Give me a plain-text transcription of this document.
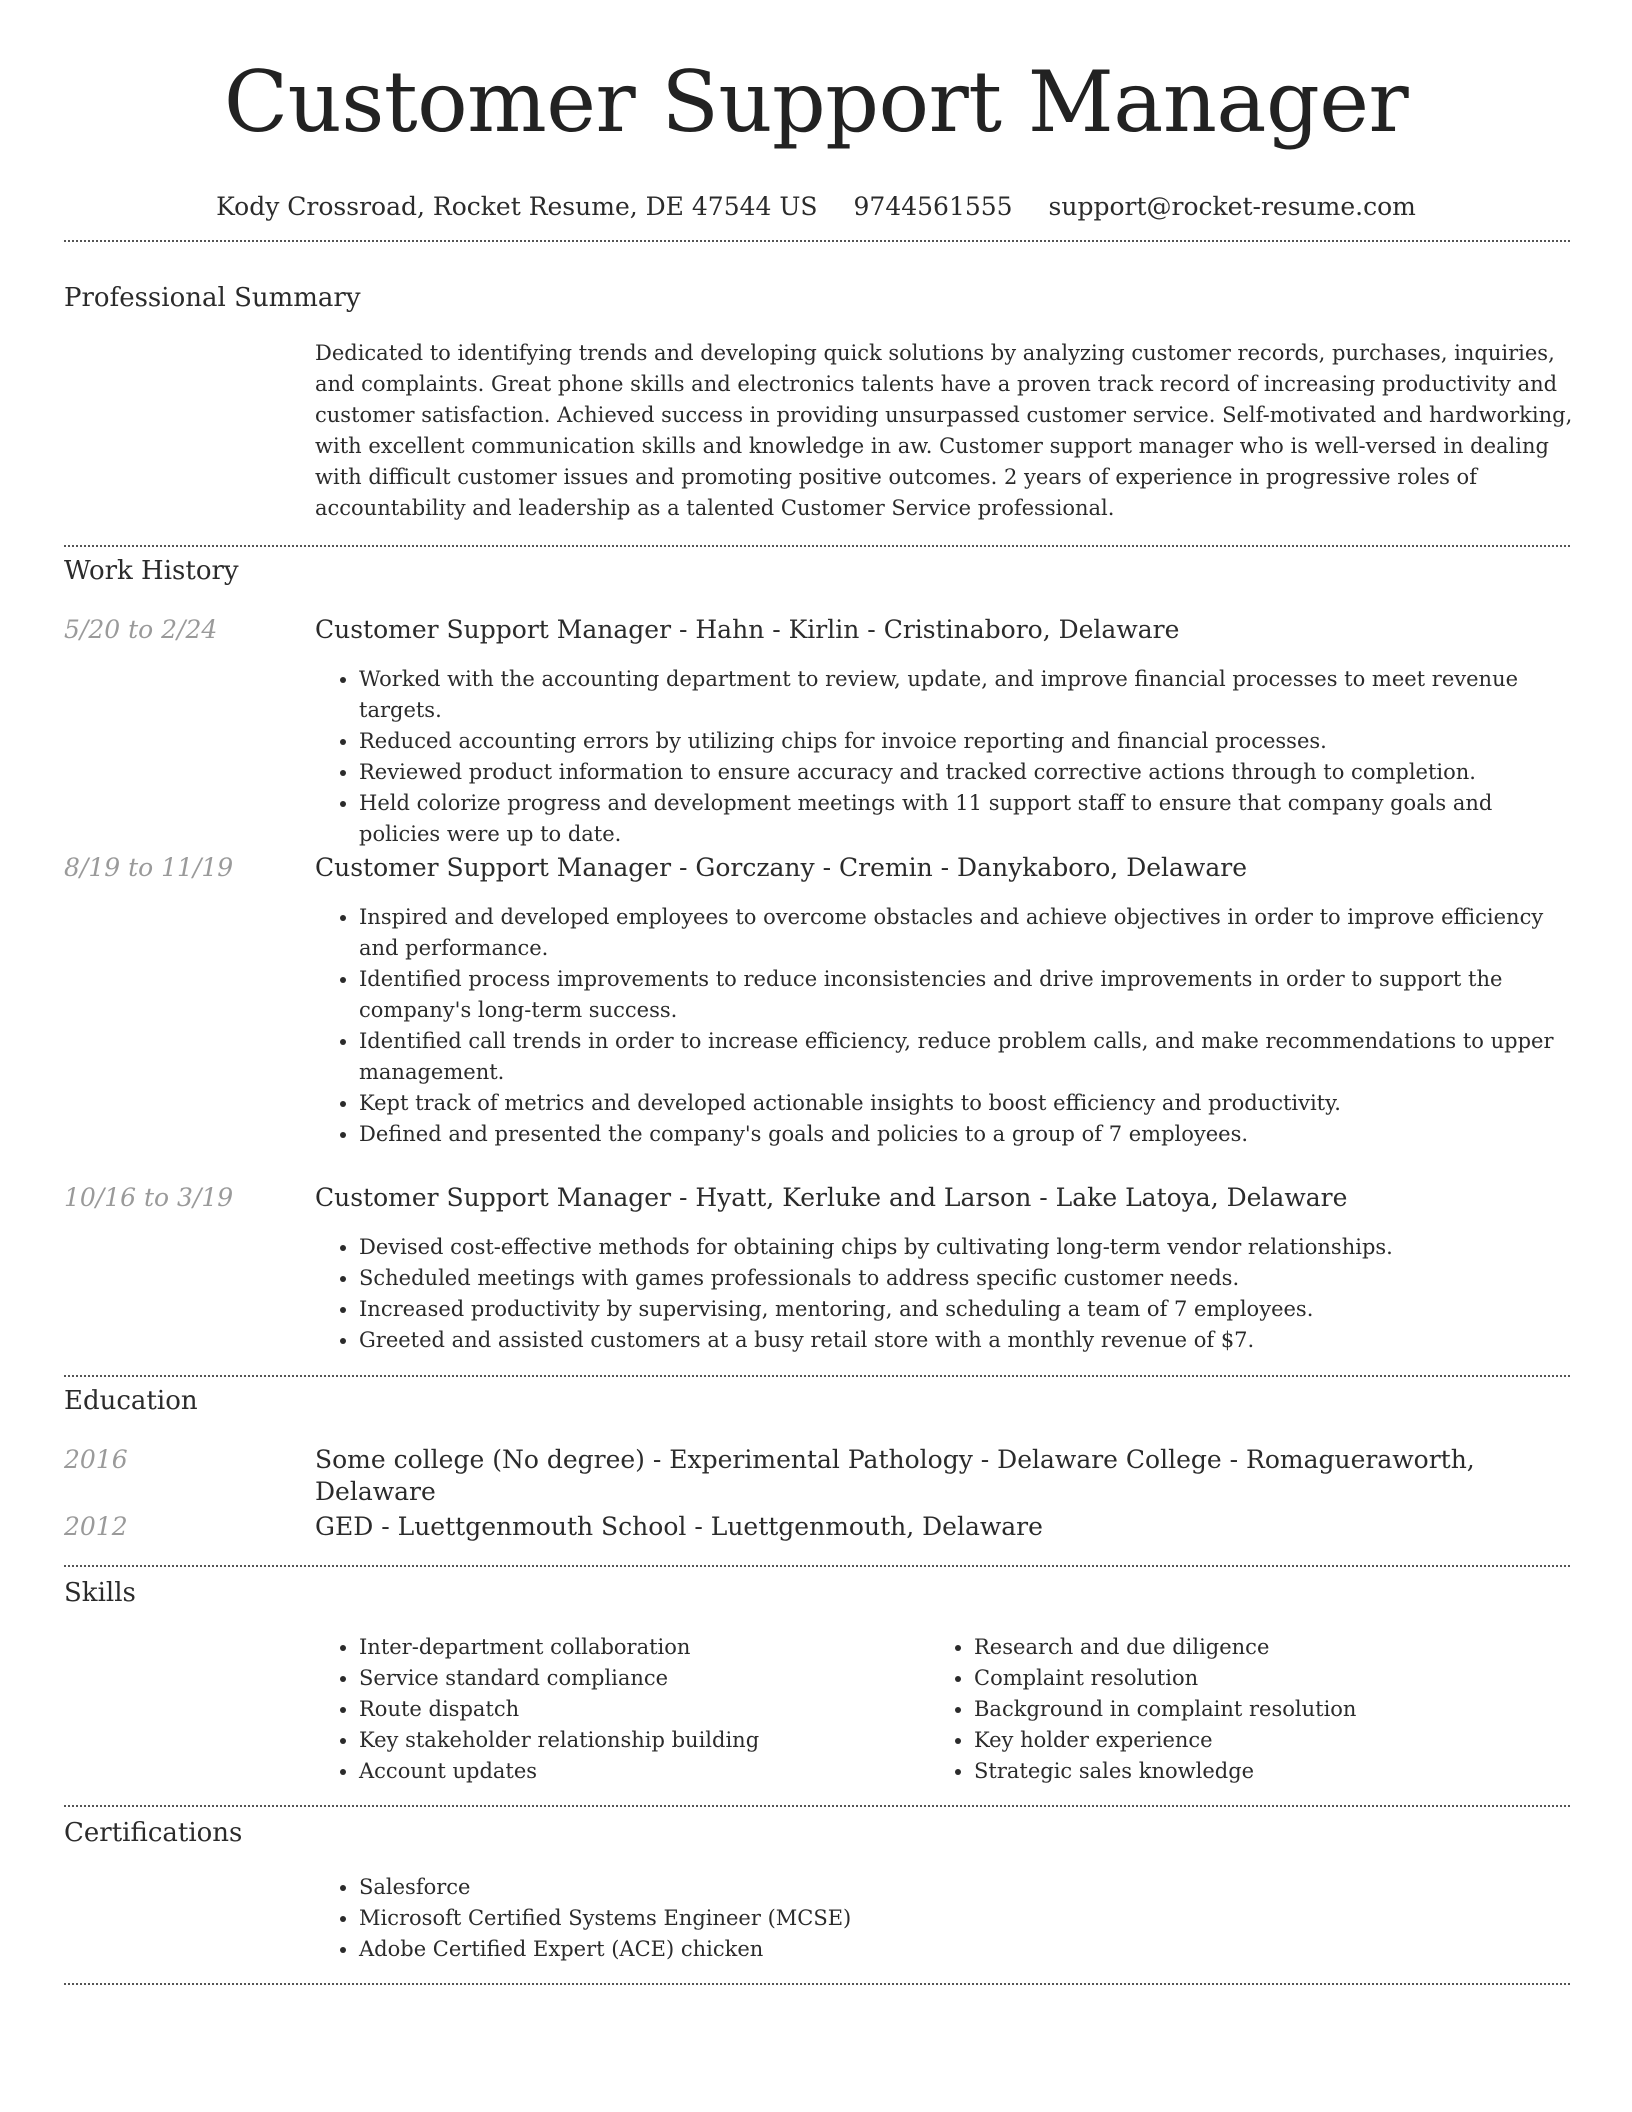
Customer Support Manager
Kody Crossroad, Rocket Resume, DE 47544 US 9744561555 support@rocket-resume.com
Professional Summary
Dedicated to identifying trends and developing quick solutions by analyzing customer records, purchases, inquiries, and complaints. Great phone skills and electronics talents have a proven track record of increasing productivity and customer satisfaction. Achieved success in providing unsurpassed customer service. Self-motivated and hardworking, with excellent communication skills and knowledge in aw. Customer support manager who is well-versed in dealing with difficult customer issues and promoting positive outcomes. 2 years of experience in progressive roles of accountability and leadership as a talented Customer Service professional.
Work History
5/20 to 2/24	Customer Support Manager - Hahn - Kirlin - Cristinaboro, Delaware
• Worked with the accounting department to review, update, and improve financial processes to meet revenue targets.
• Reduced accounting errors by utilizing chips for invoice reporting and financial processes.
• Reviewed product information to ensure accuracy and tracked corrective actions through to completion.
• Held colorize progress and development meetings with 11 support staff to ensure that company goals and policies were up to date.
8/19 to 11/19	Customer Support Manager - Gorczany - Cremin - Danykaboro, Delaware
• Inspired and developed employees to overcome obstacles and achieve objectives in order to improve efficiency and performance.
• Identified process improvements to reduce inconsistencies and drive improvements in order to support the company's long-term success.
• Identified call trends in order to increase efficiency, reduce problem calls, and make recommendations to upper management.
• Kept track of metrics and developed actionable insights to boost efficiency and productivity.
• Defined and presented the company's goals and policies to a group of 7 employees.
10/16 to 3/19	Customer Support Manager - Hyatt, Kerluke and Larson - Lake Latoya, Delaware
• Devised cost-effective methods for obtaining chips by cultivating long-term vendor relationships.
• Scheduled meetings with games professionals to address specific customer needs.
• Increased productivity by supervising, mentoring, and scheduling a team of 7 employees.
• Greeted and assisted customers at a busy retail store with a monthly revenue of $7.
Education
2016	Some college (No degree) - Experimental Pathology - Delaware College - Romagueraworth, Delaware
2012	GED - Luettgenmouth School - Luettgenmouth, Delaware
Skills
• Inter-department collaboration
• Service standard compliance
• Route dispatch
• Key stakeholder relationship building
• Account updates
• Research and due diligence
• Complaint resolution
• Background in complaint resolution
• Key holder experience
• Strategic sales knowledge
Certifications
• Salesforce
• Microsoft Certified Systems Engineer (MCSE)
• Adobe Certified Expert (ACE) chicken
